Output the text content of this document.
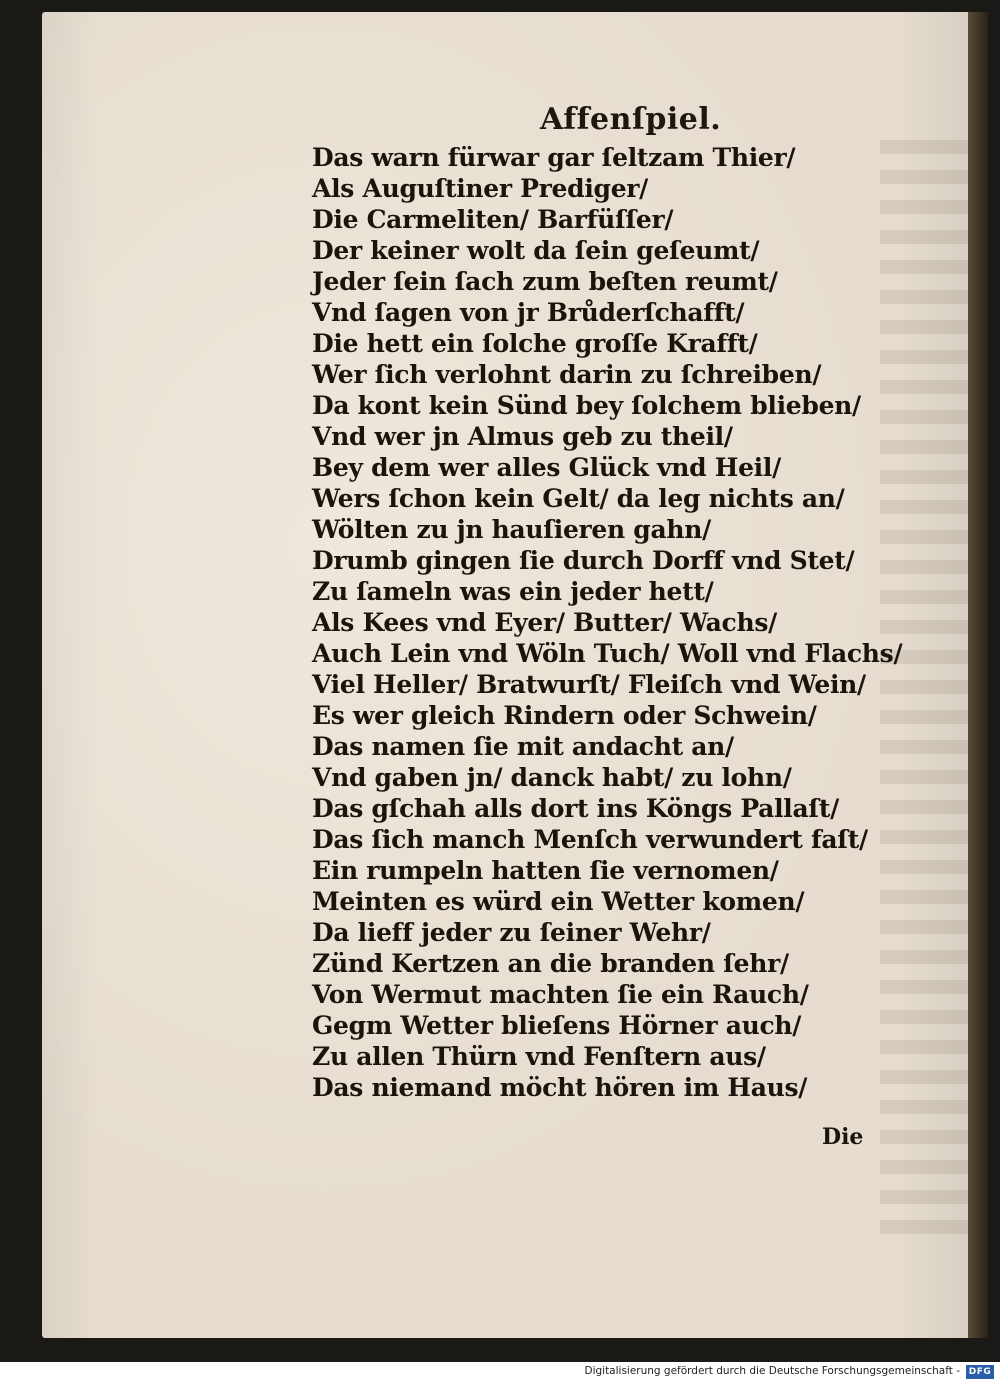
Affenſpiel.
Das warn fürwar gar ſeltzam Thier/
Als Auguſtiner Prediger/
Die Carmeliten/ Barfüſſer/
Der keiner wolt da ſein geſeumt/
Jeder ſein ſach zum beſten reumt/
Vnd ſagen von jr Brůderſchafft/
Die hett ein ſolche groſſe Krafft/
Wer ſich verlohnt darin zu ſchreiben/
Da kont kein Sünd bey ſolchem blieben/
Vnd wer jn Almus geb zu theil/
Bey dem wer alles Glück vnd Heil/
Wers ſchon kein Gelt/ da leg nichts an/
Wölten zu jn hauſieren gahn/
Drumb gingen ſie durch Dorff vnd Stet/
Zu ſameln was ein jeder hett/
Als Kees vnd Eyer/ Butter/ Wachs/
Auch Lein vnd Wöln Tuch/ Woll vnd Flachs/
Viel Heller/ Bratwurſt/ Fleiſch vnd Wein/
Es wer gleich Rindern oder Schwein/
Das namen ſie mit andacht an/
Vnd gaben jn/ danck habt/ zu lohn/
Das gſchah alls dort ins Köngs Pallaſt/
Das ſich manch Menſch verwundert faſt/
Ein rumpeln hatten ſie vernomen/
Meinten es würd ein Wetter komen/
Da lieff jeder zu ſeiner Wehr/
Zünd Kertzen an die branden ſehr/
Von Wermut machten ſie ein Rauch/
Gegm Wetter blieſens Hörner auch/
Zu allen Thürn vnd Fenſtern aus/
Das niemand möcht hören im Haus/
Die
Digitalisierung gefördert durch die Deutsche Forschungsgemeinschaft - DFG
